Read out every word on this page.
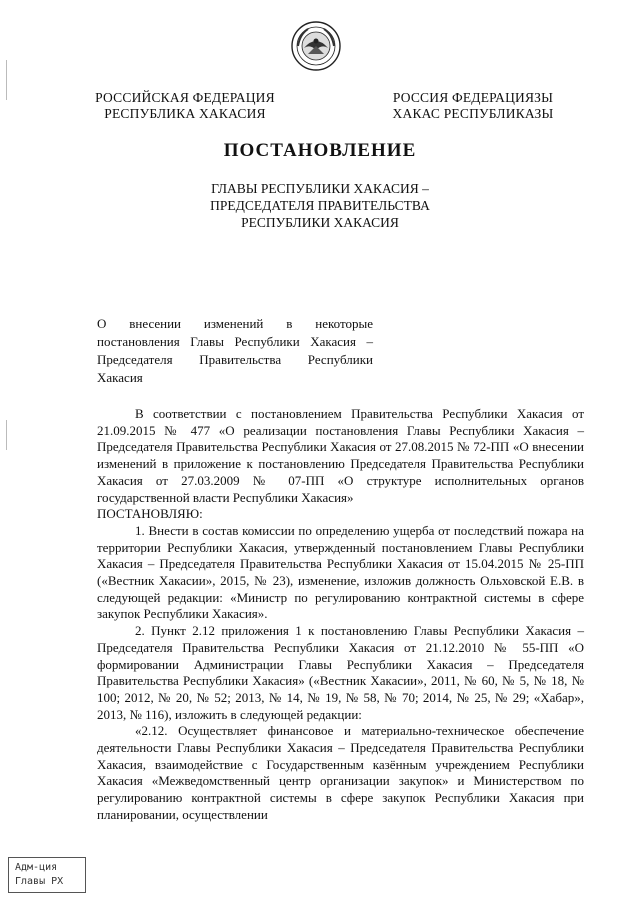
РОССИЙСКАЯ ФЕДЕРАЦИЯ
РЕСПУБЛИКА ХАКАСИЯ
РОССИЯ ФЕДЕРАЦИЯЗЫ
ХАКАС РЕСПУБЛИКАЗЫ
ПОСТАНОВЛЕНИЕ
ГЛАВЫ РЕСПУБЛИКИ ХАКАСИЯ –
ПРЕДСЕДАТЕЛЯ ПРАВИТЕЛЬСТВА
РЕСПУБЛИКИ ХАКАСИЯ
О внесении изменений в некоторые постановления Главы Республики Хакасия – Председателя Правительства Республики Хакасия

В соответствии с постановлением Правительства Республики Хакасия от 21.09.2015 № 477 «О реализации постановления Главы Республики Хакасия – Председателя Правительства Республики Хакасия от 27.08.2015 № 72-ПП «О внесении изменений в приложение к постановлению Председателя Правительства Республики Хакасия от 27.03.2009 № 07-ПП «О структуре исполнительных органов государственной власти Республики Хакасия»

ПОСТАНОВЛЯЮ:

1. Внести в состав комиссии по определению ущерба от последствий пожара на территории Республики Хакасия, утвержденный постановлением Главы Республики Хакасия – Председателя Правительства Республики Хакасия от 15.04.2015 № 25-ПП («Вестник Хакасии», 2015, № 23), изменение, изложив должность Ольховской Е.В. в следующей редакции: «Министр по регулированию контрактной системы в сфере закупок Республики Хакасия».

2. Пункт 2.12 приложения 1 к постановлению Главы Республики Хакасия – Председателя Правительства Республики Хакасия от 21.12.2010 № 55-ПП «О формировании Администрации Главы Республики Хакасия – Председателя Правительства Республики Хакасия» («Вестник Хакасии», 2011, № 60, № 5, № 18, № 100; 2012, № 20, № 52; 2013, № 14, № 19, № 58, № 70; 2014, № 25, № 29; «Хабар», 2013, № 116), изложить в следующей редакции:

«2.12. Осуществляет финансовое и материально-техническое обеспечение деятельности Главы Республики Хакасия – Председателя Правительства Республики Хакасия, взаимодействие с Государственным казённым учреждением Республики Хакасия «Межведомственный центр организации закупок» и Министерством по регулированию контрактной системы в сфере закупок Республики Хакасия при планировании, осуществлении

Адм-ция
Главы РХ
